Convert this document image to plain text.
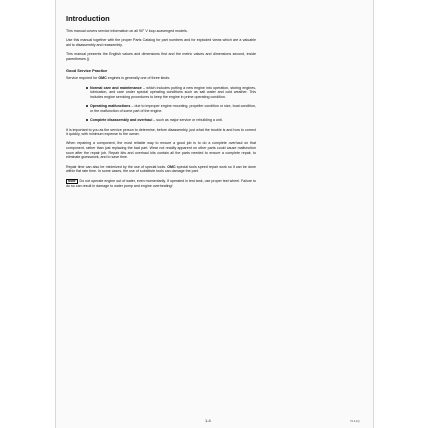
Introduction

This manual covers service information on all 90° V loop-scavenged models.

Use this manual together with the proper Parts Catalog for part numbers and for exploded views which are a valuable aid to disassembly and reassembly.

This manual presents the English values and dimensions first and the metric values and dimensions second, inside parentheses ().

Good Service Practice

Service required for OMC engines is generally one of three kinds:

Normal care and maintenance – which includes putting a new engine into operation, storing engines, lubrication, and care under special operating conditions such as salt water and cold weather. This includes engine servicing procedures to keep the engine in prime operating condition.
Operating malfunctions – due to improper engine mounting, propeller condition or size, boat condition, or the malfunction of some part of the engine.
Complete disassembly and overhaul – such as major service or rebuilding a unit.

It is important to you as the service person to determine, before disassembly, just what the trouble is and how to correct it quickly, with minimum expense to the owner.

When repairing a component, the most reliable way to ensure a good job is to do a complete overhaul on that component, rather than just replacing the bad part. Wear not readily apparent on other parts could cause malfunction soon after the repair job. Repair kits and overhaul kits contain all the parts needed to ensure a complete repair, to eliminate guesswork, and to save time.

Repair time can also be minimized by the use of special tools. OMC special tools speed repair work so it can be done within flat rate time. In some cases, the use of substitute tools can damage the part.

Note Do not operate engine out of water, even momentarily. If operated in test tank, use proper test wheel. Failure to do so can result in damage to water pump and engine overheating!

1-4	72-1-1Q
